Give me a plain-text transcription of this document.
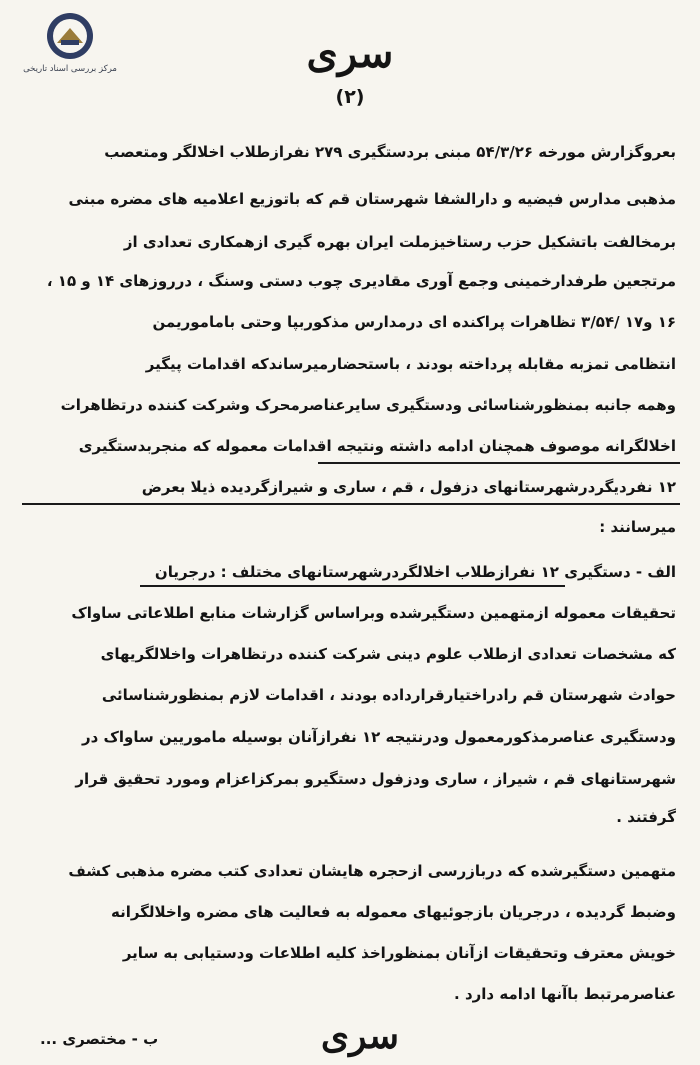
مرکز بررسی اسناد تاریخی	سری
(۲)
بعروگزارش مورخه ۵۴/۳/۲۶ مبنی بردستگیری ۲۷۹ نفرازطلاب اخلالگر ومتعصب
مذهبی مدارس فیضیه و دارالشفا شهرستان قم که باتوزیع اعلامیه های مضره مبنی
برمخالفت باتشکیل حزب رستاخیزملت ایران بهره گیری ازهمکاری تعدادی از
مرتجعین طرفدارخمینی وجمع آوری مقادیری چوب دستی وسنگ ، درروزهای ۱۴ و ۱۵ ،
۱۶ و۱۷ /۳/۵۴ تظاهرات پراکنده ای درمدارس مذکوربپا وحتی باماموریمن
انتظامی تمزبه مقابله پرداخته بودند ، باستحضارمیرساندکه اقدامات پیگیر
وهمه جانبه بمنظورشناسائی ودستگیری سایرعناصرمحرک وشرکت کننده درتظاهرات
اخلالگرانه موصوف همچنان ادامه داشته ونتیجه اقدامات معموله که منجربدستگیری
۱۲ نفردیگردرشهرستانهای دزفول ، قم ، ساری و شیرازگردیده ذیلا بعرض
میرسانند :
الف - دستگیری ۱۲ نفرازطلاب اخلالگردرشهرستانهای مختلف : درجریان
تحقیقات معموله ازمتهمین دستگیرشده وبراساس گزارشات منابع اطلاعاتی ساواک
که مشخصات تعدادی ازطلاب علوم دینی شرکت کننده درتظاهرات واخلالگریهای
حوادث شهرستان قم رادراختیارقرارداده بودند ، اقدامات لازم بمنظورشناسائی
ودستگیری عناصرمذکورمعمول ودرنتیجه ۱۲ نفرازآنان بوسیله ماموریین ساواک در
شهرستانهای قم ، شیراز ، ساری ودزفول دستگیرو بمرکزاعزام ومورد تحقیق قرار
گرفتند .
متهمین دستگیرشده که دربازرسی ازحجره هایشان تعدادی کتب مضره مذهبی کشف
وضبط گردیده ، درجریان بازجوئیهای معموله به فعالیت های مضره واخلالگرانه
خویش معترف وتحقیقات ازآنان بمنظوراخذ کلیه اطلاعات ودستیابی به سایر
عناصرمرتبط باآنها ادامه دارد .
سری
ب - مختصری ...
